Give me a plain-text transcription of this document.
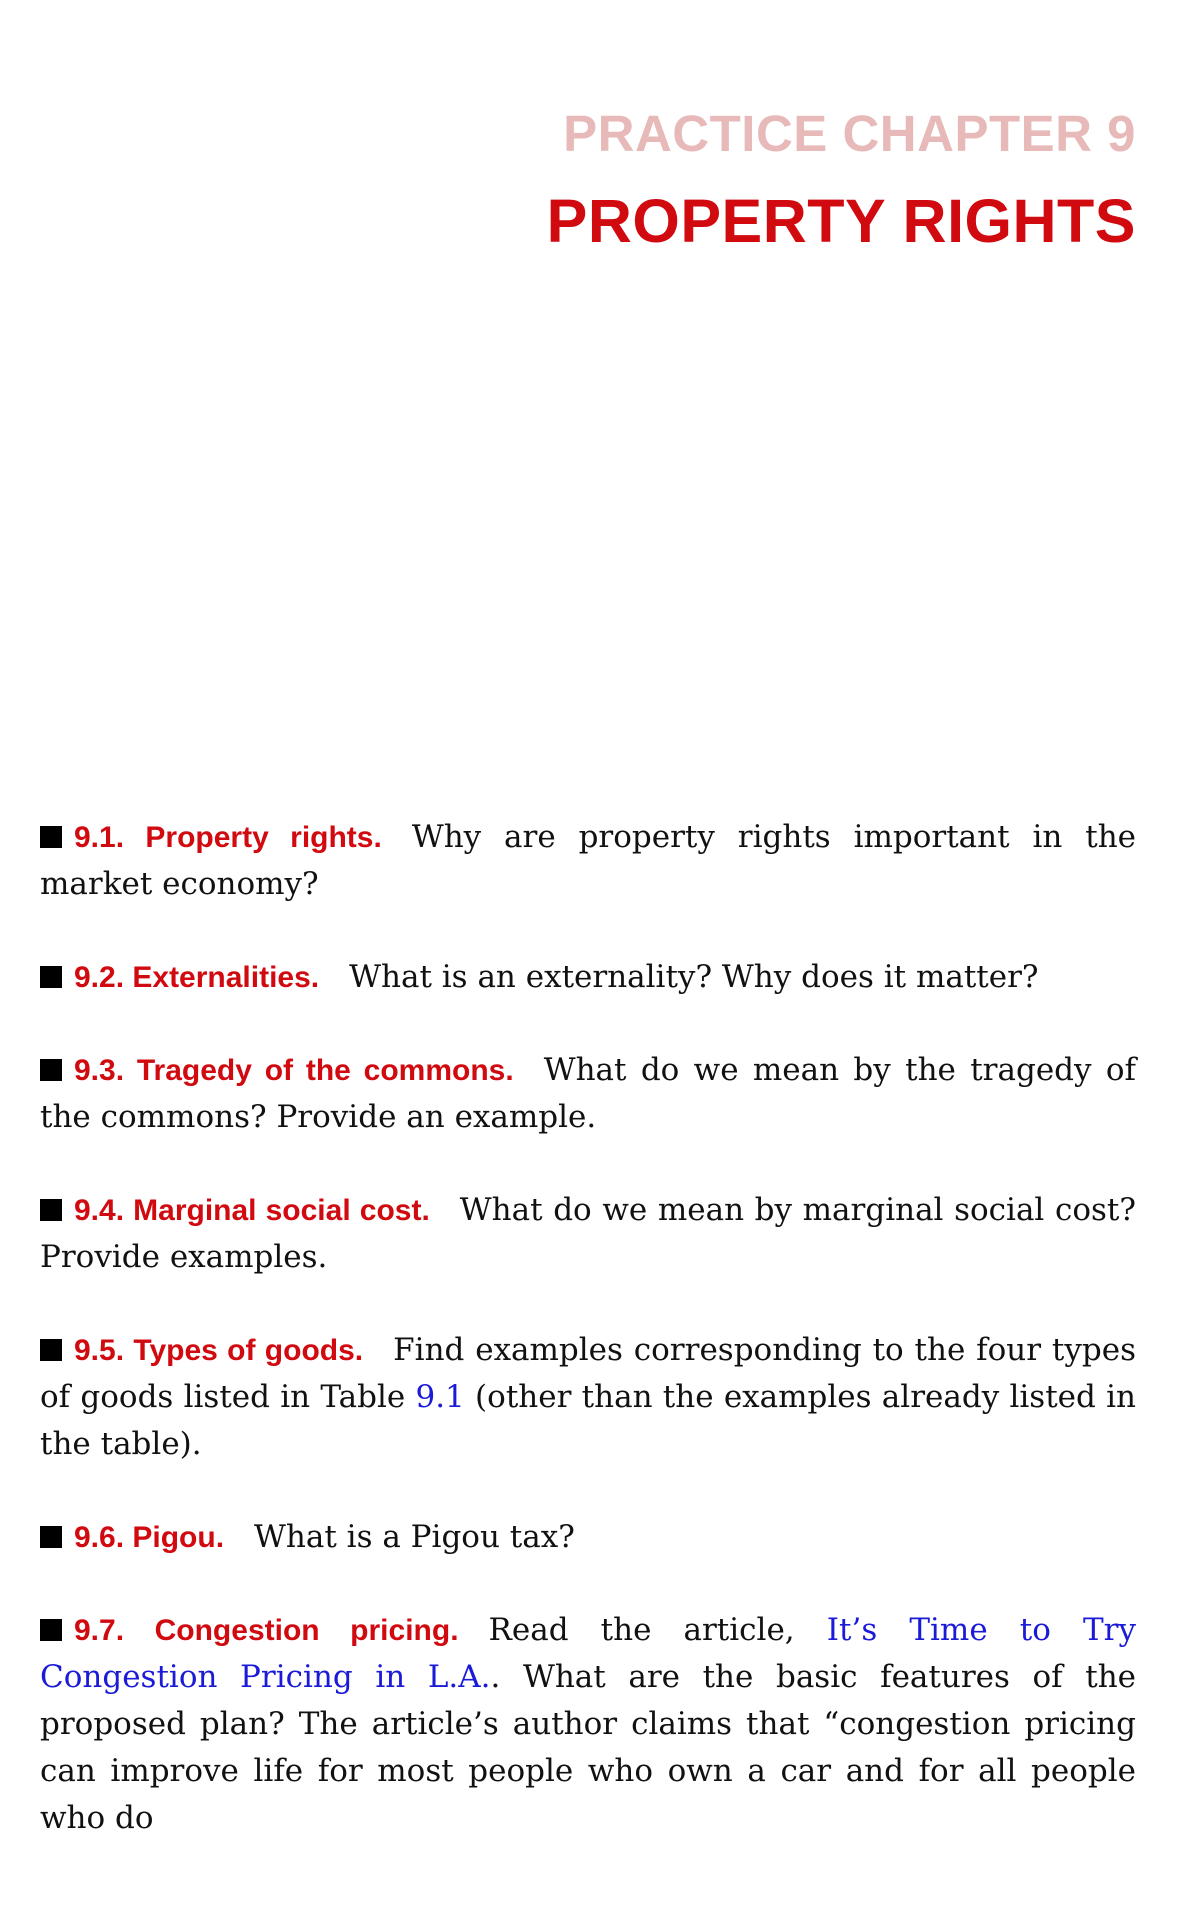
PRACTICE CHAPTER 9
PROPERTY RIGHTS

9.1. Property rights. Why are property rights important in the market economy?

9.2. Externalities. What is an externality? Why does it matter?

9.3. Tragedy of the commons. What do we mean by the tragedy of the commons? Provide an example.

9.4. Marginal social cost. What do we mean by marginal social cost? Provide examples.

9.5. Types of goods. Find examples corresponding to the four types of goods listed in Table 9.1 (other than the examples already listed in the table).

9.6. Pigou. What is a Pigou tax?

9.7. Congestion pricing. Read the article, It’s Time to Try Congestion Pricing in L.A.. What are the basic features of the proposed plan? The article’s author claims that “congestion pricing can improve life for most people who own a car and for all people who do
